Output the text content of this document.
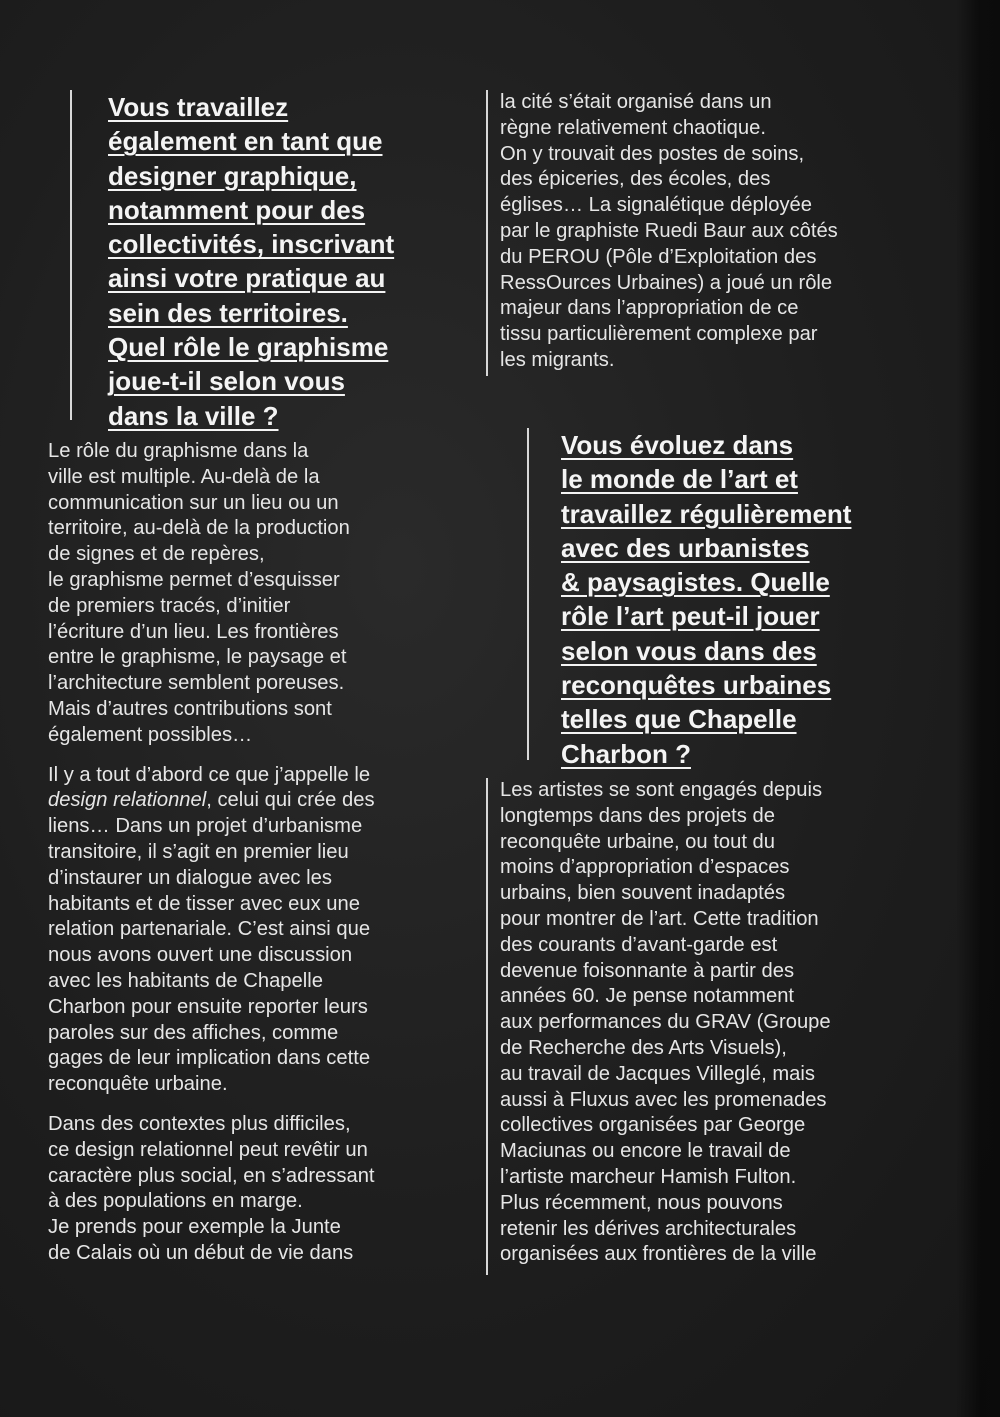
Vous travaillez
également en tant que
designer graphique,
notamment pour des
collectivités, inscrivant
ainsi votre pratique au
sein des territoires.
Quel rôle le graphisme
joue-t-il selon vous
dans la ville ?

Le rôle du graphisme dans la
ville est multiple. Au-delà de la
communication sur un lieu ou un
territoire, au-delà de la production
de signes et de repères,
le graphisme permet d’esquisser
de premiers tracés, d’initier
l’écriture d’un lieu. Les frontières
entre le graphisme, le paysage et
l’architecture semblent poreuses.
Mais d’autres contributions sont
également possibles…

Il y a tout d’abord ce que j’appelle le
design relationnel, celui qui crée des
liens… Dans un projet d’urbanisme
transitoire, il s’agit en premier lieu
d’instaurer un dialogue avec les
habitants et de tisser avec eux une
relation partenariale. C’est ainsi que
nous avons ouvert une discussion
avec les habitants de Chapelle
Charbon pour ensuite reporter leurs
paroles sur des affiches, comme
gages de leur implication dans cette
reconquête urbaine.

Dans des contextes plus difficiles,
ce design relationnel peut revêtir un
caractère plus social, en s’adressant
à des populations en marge.
Je prends pour exemple la Junte
de Calais où un début de vie dans

la cité s’était organisé dans un
règne relativement chaotique.
On y trouvait des postes de soins,
des épiceries, des écoles, des
églises… La signalétique déployée
par le graphiste Ruedi Baur aux côtés
du PEROU (Pôle d’Exploitation des
RessOurces Urbaines) a joué un rôle
majeur dans l’appropriation de ce
tissu particulièrement complexe par
les migrants.

Vous évoluez dans
le monde de l’art et
travaillez régulièrement
avec des urbanistes
& paysagistes. Quelle
rôle l’art peut-il jouer
selon vous dans des
reconquêtes urbaines
telles que Chapelle
Charbon ?

Les artistes se sont engagés depuis
longtemps dans des projets de
reconquête urbaine, ou tout du
moins d’appropriation d’espaces
urbains, bien souvent inadaptés
pour montrer de l’art. Cette tradition
des courants d’avant-garde est
devenue foisonnante à partir des
années 60. Je pense notamment
aux performances du GRAV (Groupe
de Recherche des Arts Visuels),
au travail de Jacques Villeglé, mais
aussi à Fluxus avec les promenades
collectives organisées par George
Maciunas ou encore le travail de
l’artiste marcheur Hamish Fulton.
Plus récemment, nous pouvons
retenir les dérives architecturales
organisées aux frontières de la ville
